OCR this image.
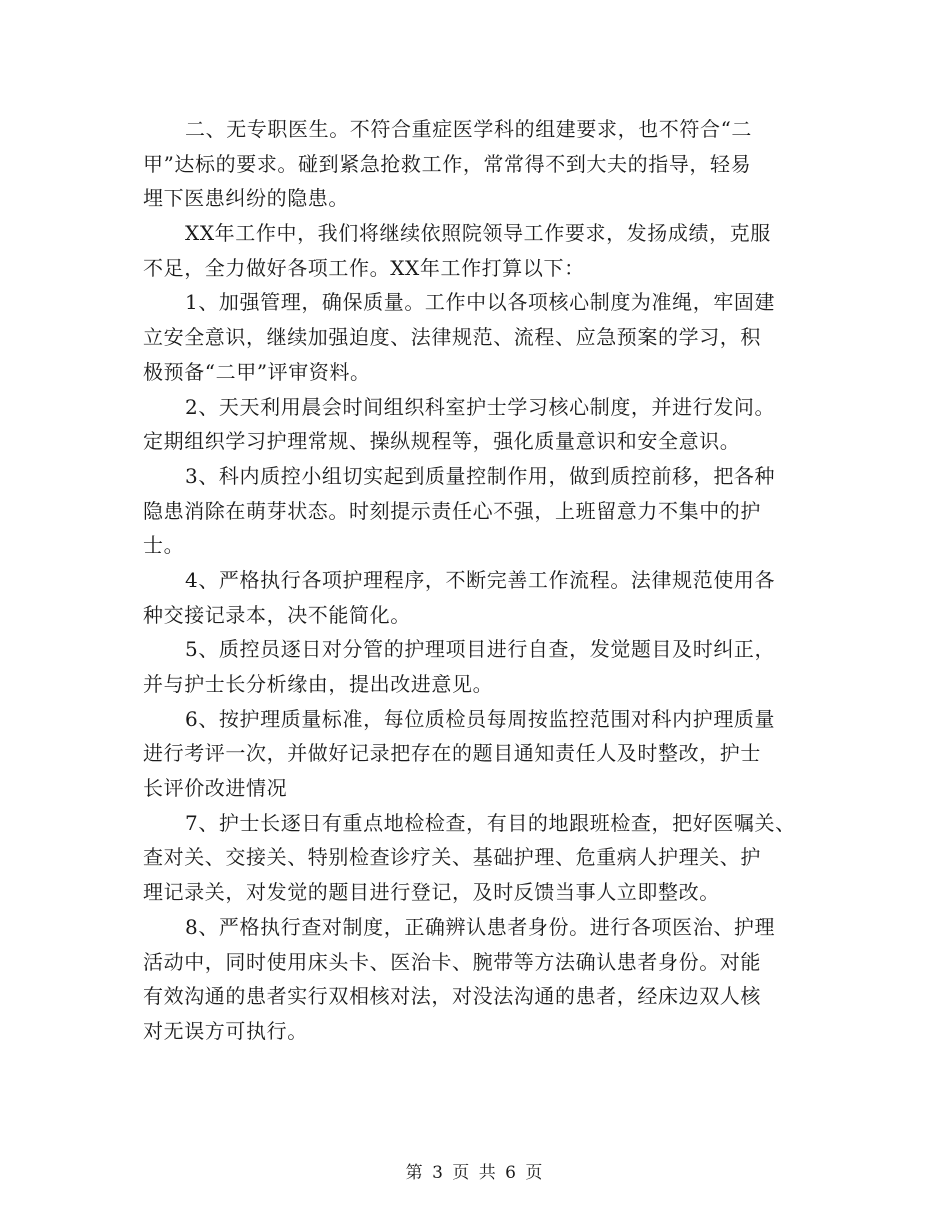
二、无专职医生。不符合重症医学科的组建要求，也不符合“二
甲”达标的要求。碰到紧急抢救工作，常常得不到大夫的指导，轻易
埋下医患纠纷的隐患。
XX年工作中，我们将继续依照院领导工作要求，发扬成绩，克服
不足，全力做好各项工作。XX年工作打算以下：
1、加强管理，确保质量。工作中以各项核心制度为准绳，牢固建
立安全意识，继续加强迫度、法律规范、流程、应急预案的学习，积
极预备“二甲”评审资料。
2、天天利用晨会时间组织科室护士学习核心制度，并进行发问。
定期组织学习护理常规、操纵规程等，强化质量意识和安全意识。
3、科内质控小组切实起到质量控制作用，做到质控前移，把各种
隐患消除在萌芽状态。时刻提示责任心不强，上班留意力不集中的护
士。
4、严格执行各项护理程序，不断完善工作流程。法律规范使用各
种交接记录本，决不能简化。
5、质控员逐日对分管的护理项目进行自查，发觉题目及时纠正，
并与护士长分析缘由，提出改进意见。
6、按护理质量标准，每位质检员每周按监控范围对科内护理质量
进行考评一次，并做好记录把存在的题目通知责任人及时整改，护士
长评价改进情况
7、护士长逐日有重点地检检查，有目的地跟班检查，把好医嘱关、
查对关、交接关、特别检查诊疗关、基础护理、危重病人护理关、护
理记录关，对发觉的题目进行登记，及时反馈当事人立即整改。
8、严格执行查对制度，正确辨认患者身份。进行各项医治、护理
活动中，同时使用床头卡、医治卡、腕带等方法确认患者身份。对能
有效沟通的患者实行双相核对法，对没法沟通的患者，经床边双人核
对无误方可执行。
第 3 页 共 6 页
